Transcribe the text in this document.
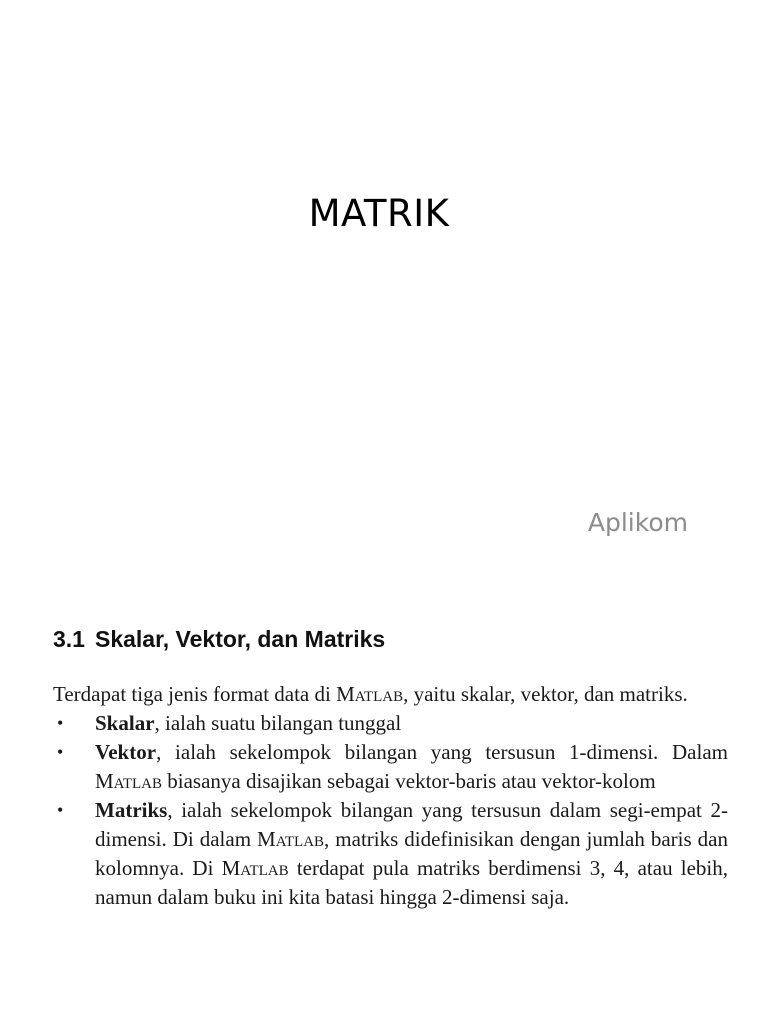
MATRIK
Aplikom
3.1 Skalar, Vektor, dan Matriks

Terdapat tiga jenis format data di Matlab, yaitu skalar, vektor, dan matriks.

• Skalar, ialah suatu bilangan tunggal
• Vektor, ialah sekelompok bilangan yang tersusun 1-dimensi. Dalam Matlab biasanya disajikan sebagai vektor-baris atau vektor-kolom
• Matriks, ialah sekelompok bilangan yang tersusun dalam segi-empat 2-dimensi. Di dalam Matlab, matriks didefinisikan dengan jumlah baris dan kolomnya. Di Matlab terdapat pula matriks berdimensi 3, 4, atau lebih, namun dalam buku ini kita batasi hingga 2-dimensi saja.
